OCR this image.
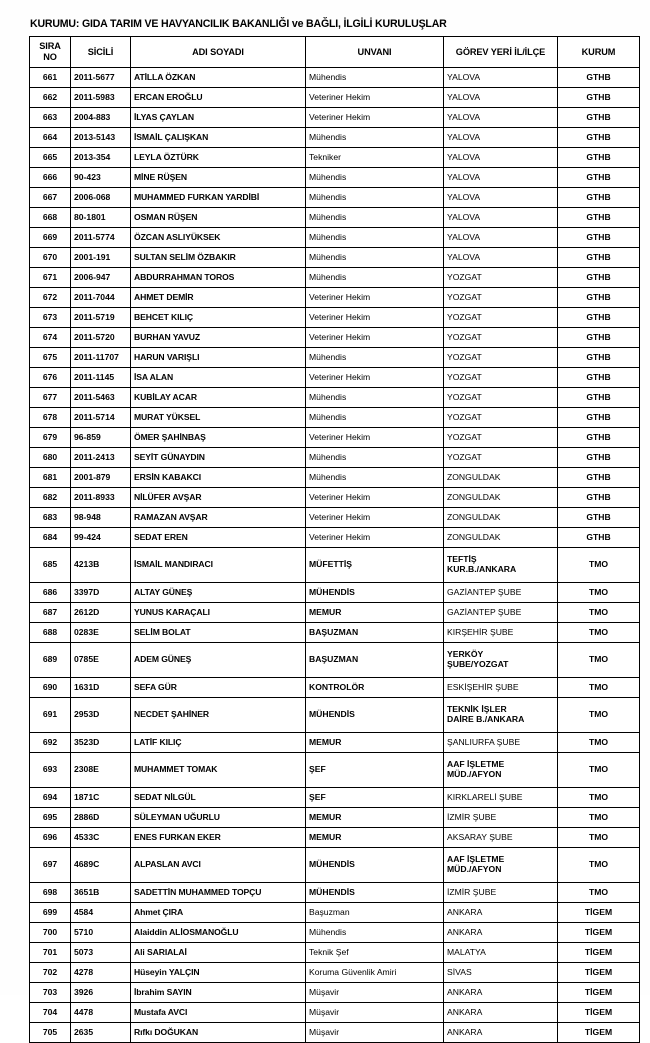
KURUMU: GIDA TARIM VE HAVYANCILIK BAKANLIĞI ve BAĞLI, İLGİLİ KURULUŞLAR
SIRA
NO	SİCİLİ	ADI SOYADI	UNVANI	GÖREV YERİ İL/İLÇE	KURUM
661	2011-5677	ATİLLA ÖZKAN	Mühendis	YALOVA	GTHB
662	2011-5983	ERCAN EROĞLU	Veteriner Hekim	YALOVA	GTHB
663	2004-883	İLYAS ÇAYLAN	Veteriner Hekim	YALOVA	GTHB
664	2013-5143	İSMAİL ÇALIŞKAN	Mühendis	YALOVA	GTHB
665	2013-354	LEYLA ÖZTÜRK	Tekniker	YALOVA	GTHB
666	90-423	MİNE RÜŞEN	Mühendis	YALOVA	GTHB
667	2006-068	MUHAMMED FURKAN YARDİBİ	Mühendis	YALOVA	GTHB
668	80-1801	OSMAN RÜŞEN	Mühendis	YALOVA	GTHB
669	2011-5774	ÖZCAN ASLIYÜKSEK	Mühendis	YALOVA	GTHB
670	2001-191	SULTAN SELİM ÖZBAKIR	Mühendis	YALOVA	GTHB
671	2006-947	ABDURRAHMAN TOROS	Mühendis	YOZGAT	GTHB
672	2011-7044	AHMET DEMİR	Veteriner Hekim	YOZGAT	GTHB
673	2011-5719	BEHCET KILIÇ	Veteriner Hekim	YOZGAT	GTHB
674	2011-5720	BURHAN YAVUZ	Veteriner Hekim	YOZGAT	GTHB
675	2011-11707	HARUN VARIŞLI	Mühendis	YOZGAT	GTHB
676	2011-1145	İSA ALAN	Veteriner Hekim	YOZGAT	GTHB
677	2011-5463	KUBİLAY ACAR	Mühendis	YOZGAT	GTHB
678	2011-5714	MURAT YÜKSEL	Mühendis	YOZGAT	GTHB
679	96-859	ÖMER ŞAHİNBAŞ	Veteriner Hekim	YOZGAT	GTHB
680	2011-2413	SEYİT GÜNAYDIN	Mühendis	YOZGAT	GTHB
681	2001-879	ERSİN KABAKCI	Mühendis	ZONGULDAK	GTHB
682	2011-8933	NİLÜFER AVŞAR	Veteriner Hekim	ZONGULDAK	GTHB
683	98-948	RAMAZAN AVŞAR	Veteriner Hekim	ZONGULDAK	GTHB
684	99-424	SEDAT EREN	Veteriner Hekim	ZONGULDAK	GTHB
685	4213B	İSMAİL MANDIRACI	MÜFETTİŞ	TEFTİŞ
KUR.B./ANKARA	TMO
686	3397D	ALTAY GÜNEŞ	MÜHENDİS	GAZİANTEP ŞUBE	TMO
687	2612D	YUNUS KARAÇALI	MEMUR	GAZİANTEP ŞUBE	TMO
688	0283E	SELİM BOLAT	BAŞUZMAN	KIRŞEHİR ŞUBE	TMO
689	0785E	ADEM GÜNEŞ	BAŞUZMAN	YERKÖY
ŞUBE/YOZGAT	TMO
690	1631D	SEFA GÜR	KONTROLÖR	ESKİŞEHİR ŞUBE	TMO
691	2953D	NECDET ŞAHİNER	MÜHENDİS	TEKNİK İŞLER
DAİRE B./ANKARA	TMO
692	3523D	LATİF KILIÇ	MEMUR	ŞANLIURFA ŞUBE	TMO
693	2308E	MUHAMMET TOMAK	ŞEF	AAF İŞLETME
MÜD./AFYON	TMO
694	1871C	SEDAT NİLGÜL	ŞEF	KIRKLARELİ ŞUBE	TMO
695	2886D	SÜLEYMAN UĞURLU	MEMUR	İZMİR ŞUBE	TMO
696	4533C	ENES FURKAN EKER	MEMUR	AKSARAY ŞUBE	TMO
697	4689C	ALPASLAN AVCI	MÜHENDİS	AAF İŞLETME
MÜD./AFYON	TMO
698	3651B	SADETTİN MUHAMMED TOPÇU	MÜHENDİS	İZMİR ŞUBE	TMO
699	4584	Ahmet ÇIRA	Başuzman	ANKARA	TİGEM
700	5710	Alaiddin ALİOSMANOĞLU	Mühendis	ANKARA	TİGEM
701	5073	Ali SARIALAİ	Teknik Şef	MALATYA	TİGEM
702	4278	Hüseyin YALÇIN	Koruma Güvenlik Amiri	SİVAS	TİGEM
703	3926	İbrahim SAYIN	Müşavir	ANKARA	TİGEM
704	4478	Mustafa AVCI	Müşavir	ANKARA	TİGEM
705	2635	Rıfkı DOĞUKAN	Müşavir	ANKARA	TİGEM
